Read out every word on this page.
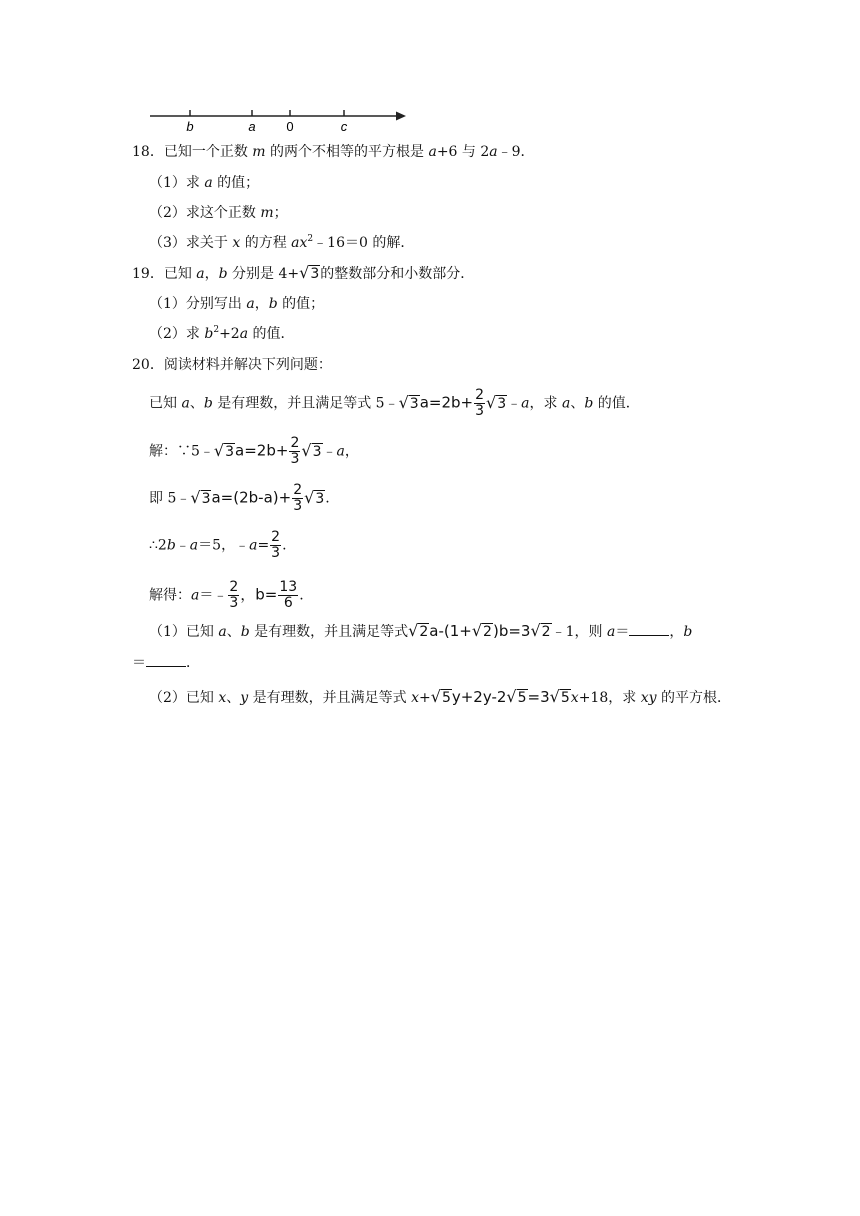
b	a 0	c
18．已知一个正数 m 的两个不相等的平方根是 a+6 与 2a﹣9．
（1）求 a 的值；
（2）求这个正数 m；
（3）求关于 x 的方程 $ax^2﹣16=0$ 的解．
19．已知 a，b 分别是 4+√3的整数部分和小数部分．
（1）分别写出 a，b 的值；
（2）求 $b^2+2a$ 的值．
20．阅读材料并解决下列问题：
已知 a、b 是有理数，并且满足等式 5﹣√3a=2b+ $\frac{2}{3}$ √3﹣a，求 a、b 的值．
解：∵5﹣√3a=2b+ $\frac{2}{3}$ √3﹣a，
即 5﹣√3a=(2b-a)+ $\frac{2}{3} √3$.
∴2b﹣a＝5，﹣a= $\frac{2}{3}$ .
解得：a＝﹣ $\frac{2}{3}$ ，$b= \frac{13}{6}$ .
（1）已知 a、b 是有理数，并且满足等式√2a-(1+√2)b=3√2﹣1，则 a＝	，b
＝	．
（2）已知 x、y 是有理数，并且满足等式 x+√5y+2y-2√5=3√5x+18，求 xy 的平方根．
